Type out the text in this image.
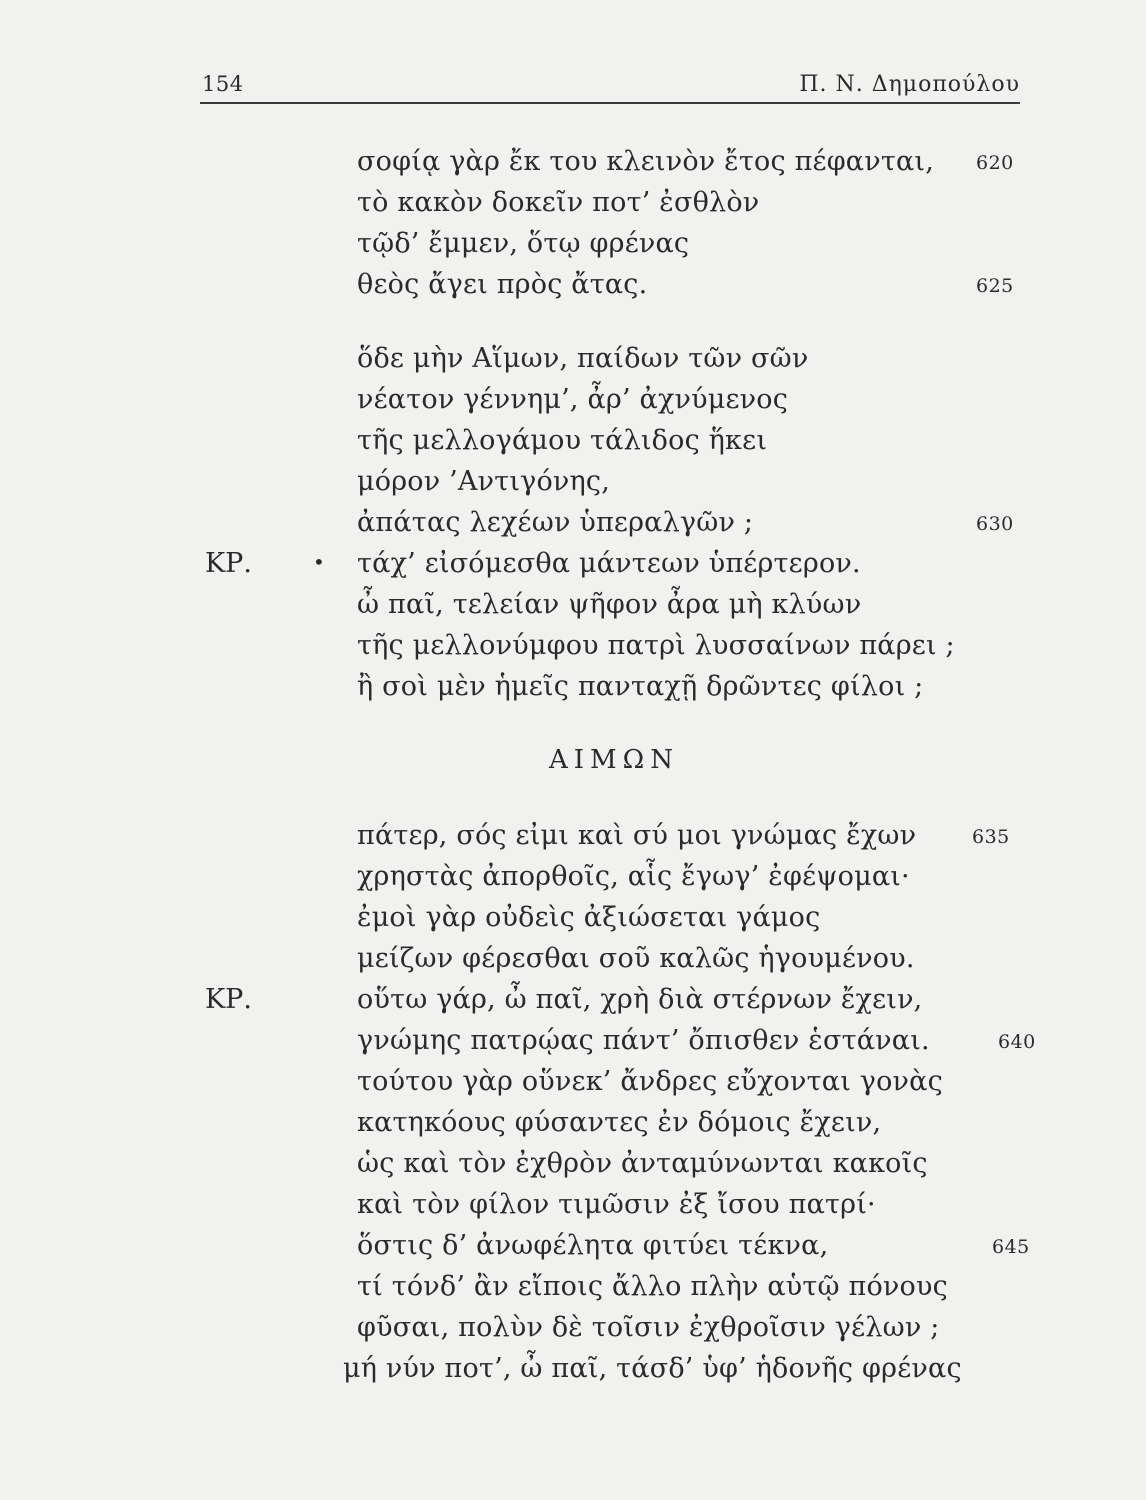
154	Π. Ν. Δημοπούλου
σοφίᾳ γὰρ ἔκ του κλεινὸν ἔτος πέφανται, 620
τὸ κακὸν δοκεῖν ποτ’ ἐσθλὸν
τῷδ’ ἔμμεν, ὅτῳ φρένας
θεὸς ἄγει πρὸς ἄτας.	625
ὅδε μὴν Αἵμων, παίδων τῶν σῶν
νέατον γέννημ’, ἆρ’ ἀχνύμενος
τῆς μελλογάμου τάλιδος ἥκει
μόρον ’Αντιγόνης,
ἀπάτας λεχέων ὑπεραλγῶν ;	630
ΚΡ.	• τάχ’ εἰσόμεσθα μάντεων ὑπέρτερον.
ὦ παῖ, τελείαν ψῆφον ἆρα μὴ κλύων
τῆς μελλονύμφου πατρὶ λυσσαίνων πάρει ;
ἢ σοὶ μὲν ἡμεῖς πανταχῇ δρῶντες φίλοι ;
ΑΙΜΩΝ
πάτερ, σός εἰμι καὶ σύ μοι γνώμας ἔχων	635
χρηστὰς ἀπορθοῖς, αἷς ἔγωγ’ ἐφέψομαι·
ἐμοὶ γὰρ οὐδεὶς ἀξιώσεται γάμος
μείζων φέρεσθαι σοῦ καλῶς ἡγουμένου.
ΚΡ.	οὕτω γάρ, ὦ παῖ, χρὴ διὰ στέρνων ἔχειν,
γνώμης πατρῴας πάντ’ ὄπισθεν ἑστάναι.	640
τούτου γὰρ οὕνεκ’ ἄνδρες εὔχονται γονὰς
κατηκόους φύσαντες ἐν δόμοις ἔχειν,
ὡς καὶ τὸν ἐχθρὸν ἀνταμύνωνται κακοῖς
καὶ τὸν φίλον τιμῶσιν ἐξ ἴσου πατρί·
ὅστις δ’ ἀνωφέλητα φιτύει τέκνα,	645
τί τόνδ’ ἂν εἴποις ἄλλο πλὴν αὑτῷ πόνους
φῦσαι, πολὺν δὲ τοῖσιν ἐχθροῖσιν γέλων ;
μή νύν ποτ’, ὦ παῖ, τάσδ’ ὑφ’ ἡδονῆς φρένας
